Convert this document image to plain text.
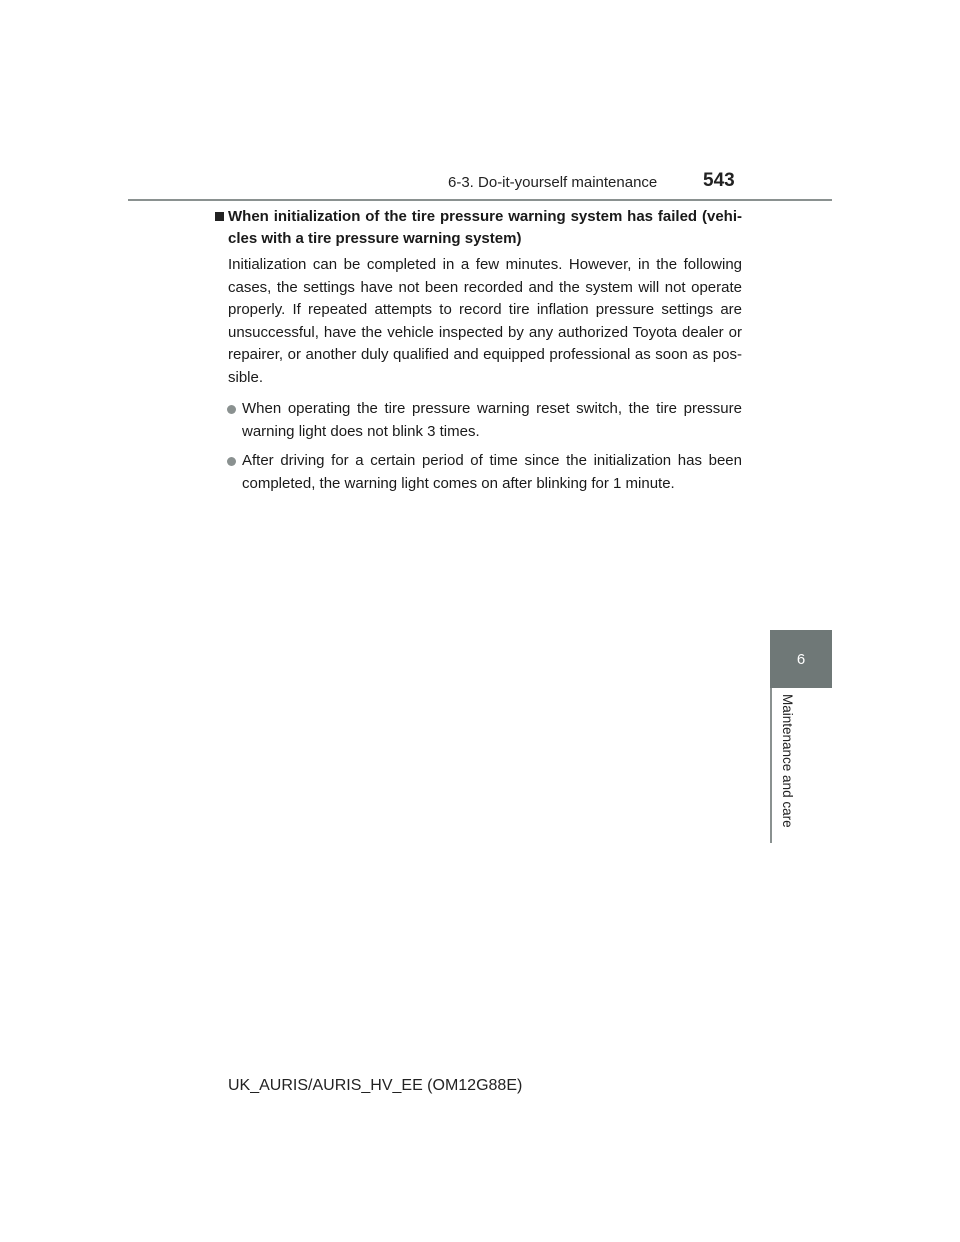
6-3. Do-it-yourself maintenance 543
When initialization of the tire pressure warning system has failed (vehi-cles with a tire pressure warning system)

Initialization can be completed in a few minutes. However, in the following cases, the settings have not been recorded and the system will not operate properly. If repeated attempts to record tire inflation pressure settings are unsuccessful, have the vehicle inspected by any authorized Toyota dealer or repairer, or another duly qualified and equipped professional as soon as pos-sible.

When operating the tire pressure warning reset switch, the tire pressure warning light does not blink 3 times.
After driving for a certain period of time since the initialization has been completed, the warning light comes on after blinking for 1 minute.
6
Maintenance and care
UK_AURIS/AURIS_HV_EE (OM12G88E)
